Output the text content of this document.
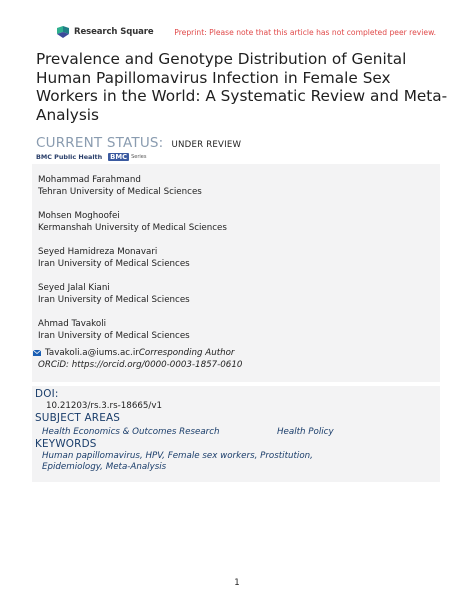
Research Square	Preprint: Please note that this article has not completed peer review.
Prevalence and Genotype Distribution of Genital Human Papillomavirus Infection in Female Sex Workers in the World: A Systematic Review and Meta-Analysis
CURRENT STATUS: UNDER REVIEW
BMC Public Health BMC Series
Mohammad Farahmand
Tehran University of Medical Sciences
Mohsen Moghoofei
Kermanshah University of Medical Sciences
Seyed Hamidreza Monavari
Iran University of Medical Sciences
Seyed Jalal Kiani
Iran University of Medical Sciences
Ahmad Tavakoli
Iran University of Medical Sciences
Tavakoli.a@iums.ac.ir Corresponding Author
ORCiD: https://orcid.org/0000-0003-1857-0610
DOI:
10.21203/rs.3.rs-18665/v1
SUBJECT AREAS
Health Economics & Outcomes Research	Health Policy
KEYWORDS
Human papillomavirus, HPV, Female sex workers, Prostitution,
Epidemiology, Meta-Analysis
1
